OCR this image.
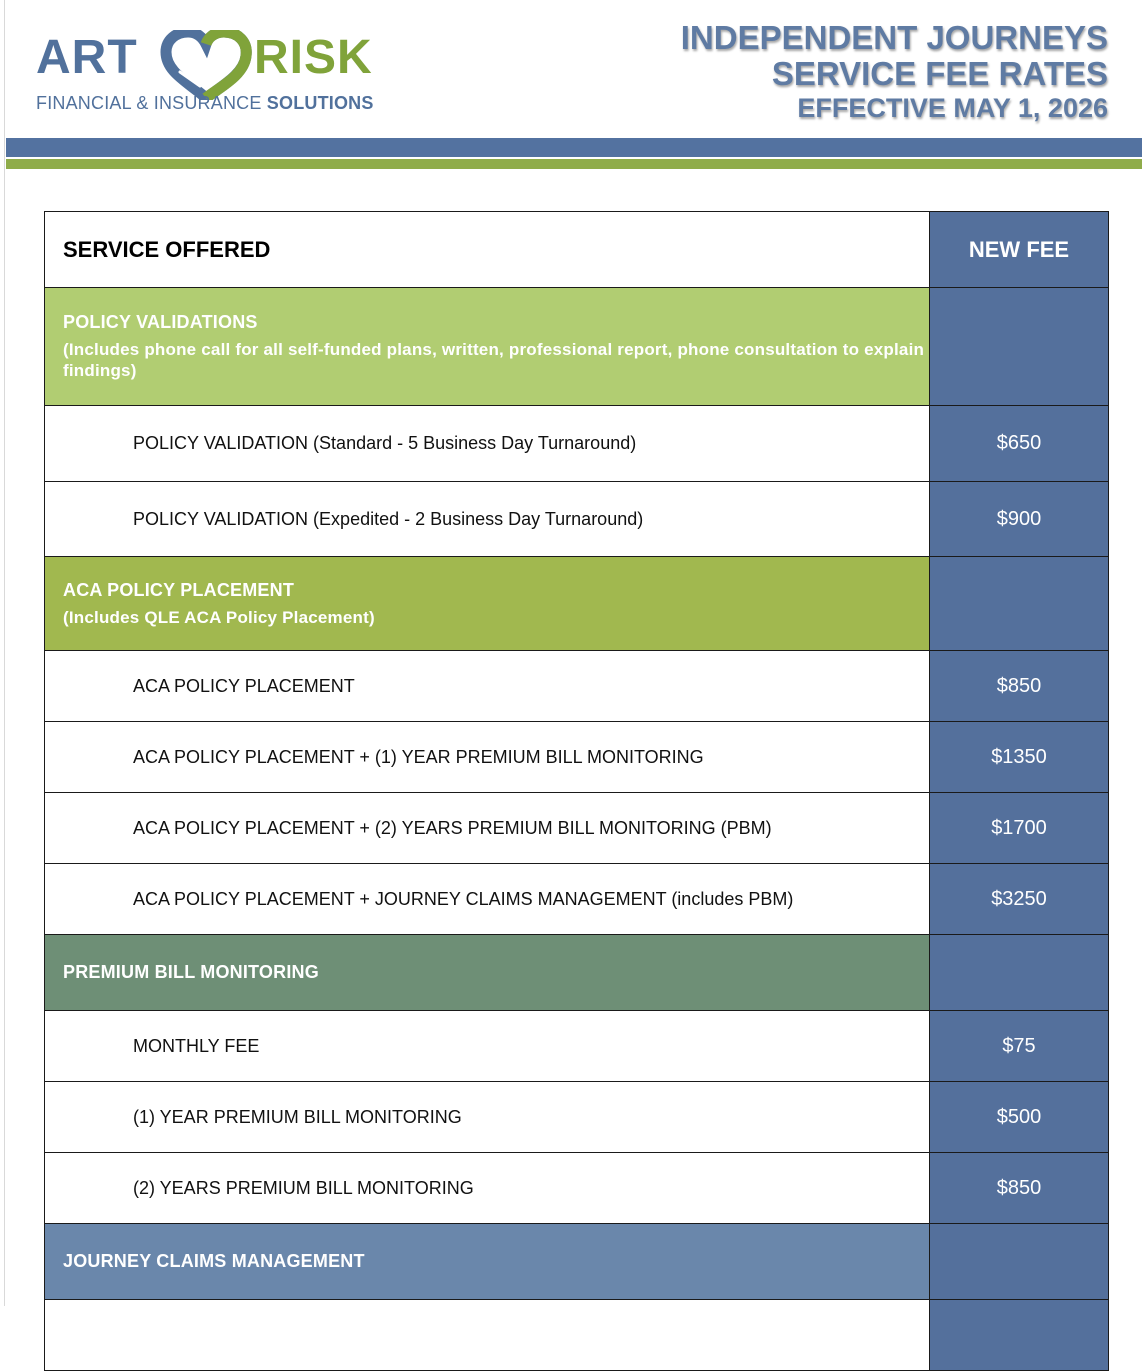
ART RISK
FINANCIAL & INSURANCE SOLUTIONS
INDEPENDENT JOURNEYS
SERVICE FEE RATES
EFFECTIVE MAY 1, 2026
SERVICE OFFERED	NEW FEE
POLICY VALIDATIONS
(Includes phone call for all self-funded plans, written, professional report, phone consultation to explain findings)	

POLICY VALIDATION (Standard - 5 Business Day Turnaround)	$650
POLICY VALIDATION (Expedited - 2 Business Day Turnaround)	$900
ACA POLICY PLACEMENT
(Includes QLE ACA Policy Placement)	

ACA POLICY PLACEMENT	$850
ACA POLICY PLACEMENT + (1) YEAR PREMIUM BILL MONITORING	$1350
ACA POLICY PLACEMENT + (2) YEARS PREMIUM BILL MONITORING (PBM)	$1700
ACA POLICY PLACEMENT + JOURNEY CLAIMS MANAGEMENT (includes PBM)	$3250
PREMIUM BILL MONITORING	
MONTHLY FEE	$75
(1) YEAR PREMIUM BILL MONITORING	$500
(2) YEARS PREMIUM BILL MONITORING	$850
JOURNEY CLAIMS MANAGEMENT	
